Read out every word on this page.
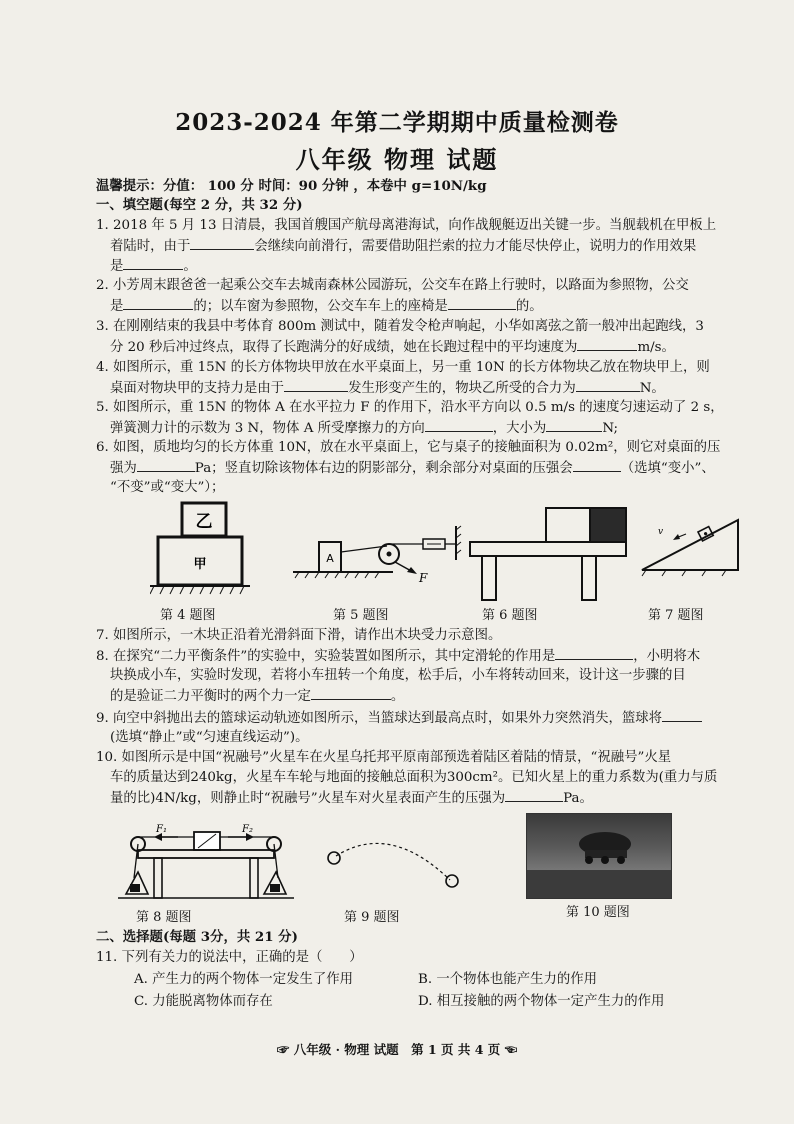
2023-2024 年第二学期期中质量检测卷
八年级 物理 试题
温馨提示：分值： 100 分 时间：90 分钟 ，本卷中 g=10N/kg
一、填空题(每空 2 分，共 32 分)
1. 2018 年 5 月 13 日清晨，我国首艘国产航母离港海试，向作战舰艇迈出关键一步。当舰载机在甲板上
着陆时，由于	会继续向前滑行，需要借助阻拦索的拉力才能尽快停止，说明力的作用效果
是	。
2. 小芳周末跟爸爸一起乘公交车去城南森林公园游玩，公交车在路上行驶时，以路面为参照物，公交
是	的；以车窗为参照物，公交车车上的座椅是	的。
3. 在刚刚结束的我县中考体育 800m 测试中，随着发令枪声响起，小华如离弦之箭一般冲出起跑线，3
分 20 秒后冲过终点，取得了长跑满分的好成绩，她在长跑过程中的平均速度为	m/s。
4. 如图所示，重 15N 的长方体物块甲放在水平桌面上，另一重 10N 的长方体物块乙放在物块甲上，则
桌面对物块甲的支持力是由于	发生形变产生的，物块乙所受的合力为	N。
5. 如图所示，重 15N 的物体 A 在水平拉力 F 的作用下，沿水平方向以 0.5 m/s 的速度匀速运动了 2 s，
弹簧测力计的示数为 3 N，物体 A 所受摩擦力的方向	，大小为	N;
6. 如图，质地均匀的长方体重 10N，放在水平桌面上，它与桌子的接触面积为 0.02m²，则它对桌面的压
强为	Pa；竖直切除该物体右边的阴影部分，剩余部分对桌面的压强会	（选填“变小”、
“不变”或“变大”）；
乙
甲
第 4 题图
A
F
第 5 题图	第 6 题图
v
第 7 题图
7. 如图所示，一木块正沿着光滑斜面下滑，请作出木块受力示意图。
8. 在探究“二力平衡条件”的实验中，实验装置如图所示，其中定滑轮的作用是	，小明将木
块换成小车，实验时发现，若将小车扭转一个角度，松手后，小车将转动回来，设计这一步骤的目
的是验证二力平衡时的两个力一定	。
9. 向空中斜抛出去的篮球运动轨迹如图所示，当篮球达到最高点时，如果外力突然消失，篮球将
(选填“静止”或“匀速直线运动”)。
10. 如图所示是中国“祝融号”火星车在火星乌托邦平原南部预选着陆区着陆的情景，“祝融号”火星
车的质量达到240kg，火星车车轮与地面的接触总面积为300cm²。已知火星上的重力系数为(重力与质
量的比)4N/kg，则静止时“祝融号”火星车对火星表面产生的压强为	Pa。
F₁	F₂
第 8 题图	第 9 题图	第 10 题图
二、选择题(每题 3分，共 21 分)
11. 下列有关力的说法中，正确的是（　　）
A. 产生力的两个物体一定发生了作用	B. 一个物体也能产生力的作用
C. 力能脱离物体而存在	D. 相互接触的两个物体一定产生力的作用
☞ 八年级 · 物理 试题　第 1 页 共 4 页 ☜
